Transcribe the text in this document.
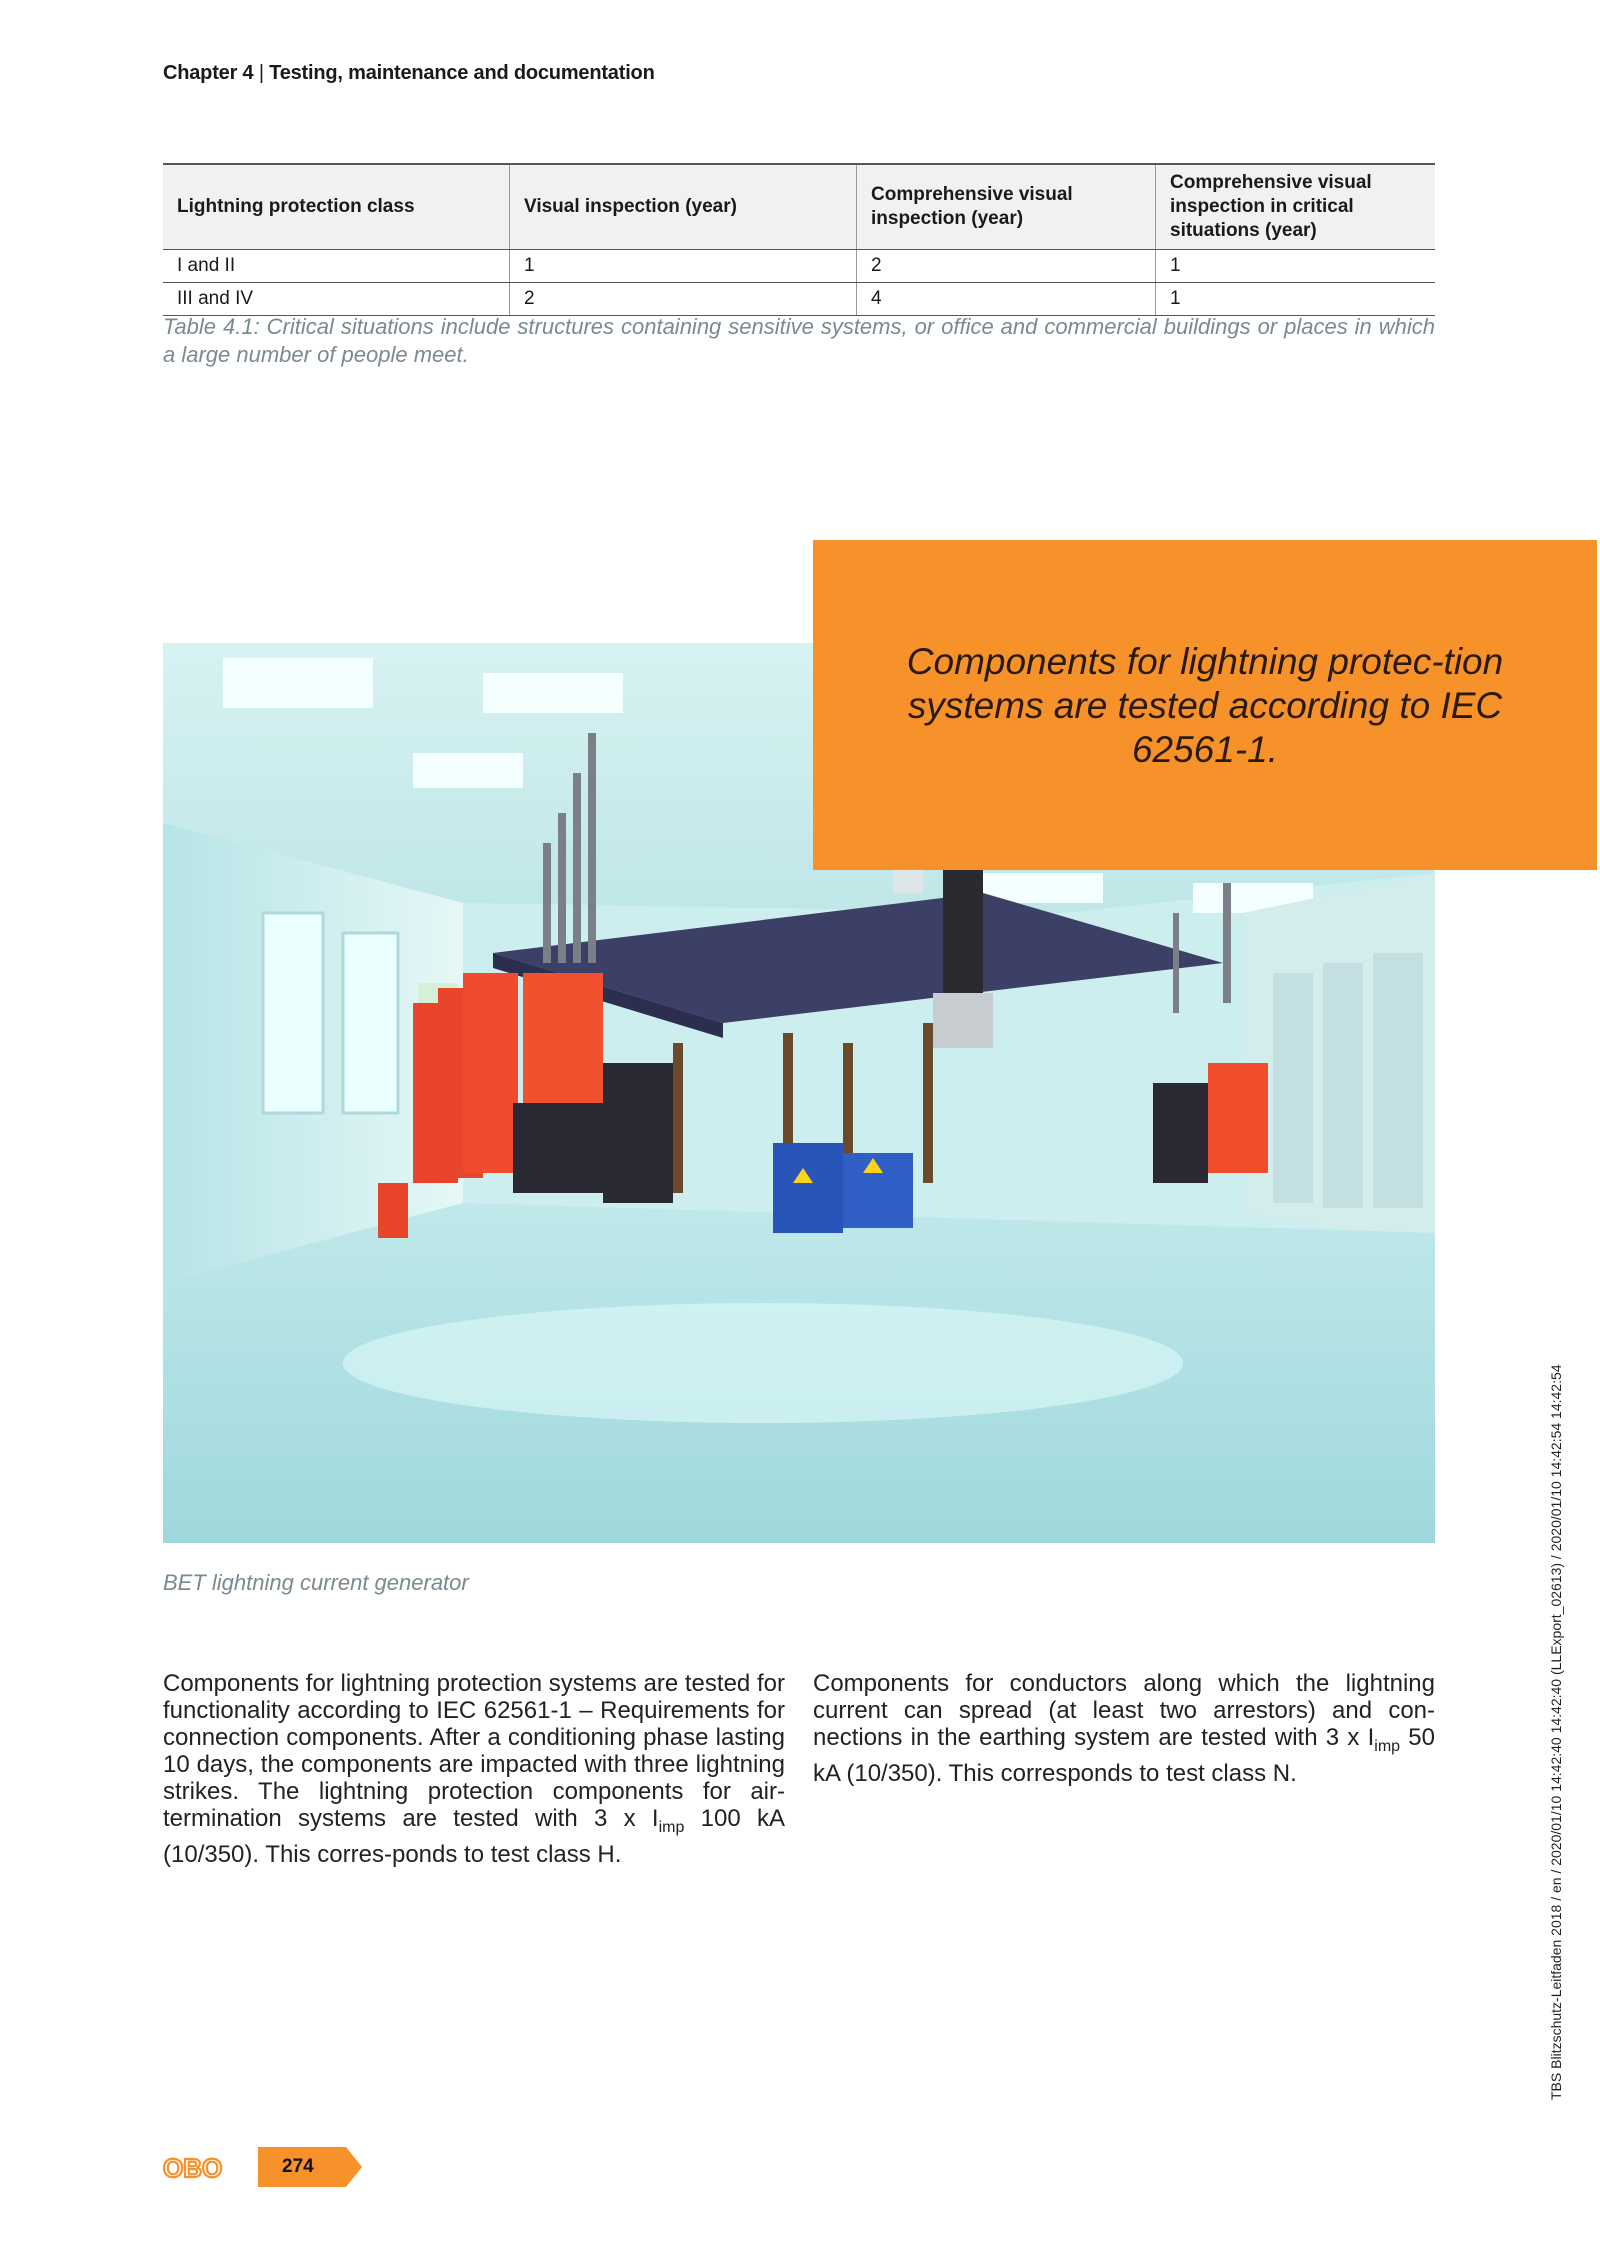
Chapter 4 | Testing, maintenance and documentation
Lightning protection class	Visual inspection (year)	Comprehensive visual inspection (year)	Comprehensive visual inspection in critical situations (year)
I and II	1	2	1
III and IV	2	4	1
Table 4.1: Critical situations include structures containing sensitive systems, or office and commercial buildings or places in which a large number of people meet.

Components for lightning protec-tion systems are tested according to IEC 62561-1.

BET lightning current generator
Components for lightning protection systems are tested for functionality according to IEC 62561-1 – Requirements for connection components. After a conditioning phase lasting 10 days, the components are impacted with three lightning strikes. The lightning protection components for air-termination systems are tested with 3 x $I_{imp}$ 100 kA (10/350). This corres-ponds to test class H.
Components for conductors along which the lightning current can spread (at least two arrestors) and con-nections in the earthing system are tested with 3 x $I_{imp}$ 50 kA (10/350). This corresponds to test class N.	TBS Blitzschutz-Leitfaden 2018 / en / 2020/01/10 14:42:40 14:42:40 (LLExport_02613) / 2020/01/10 14:42:54 14:42:54
OBO	274
